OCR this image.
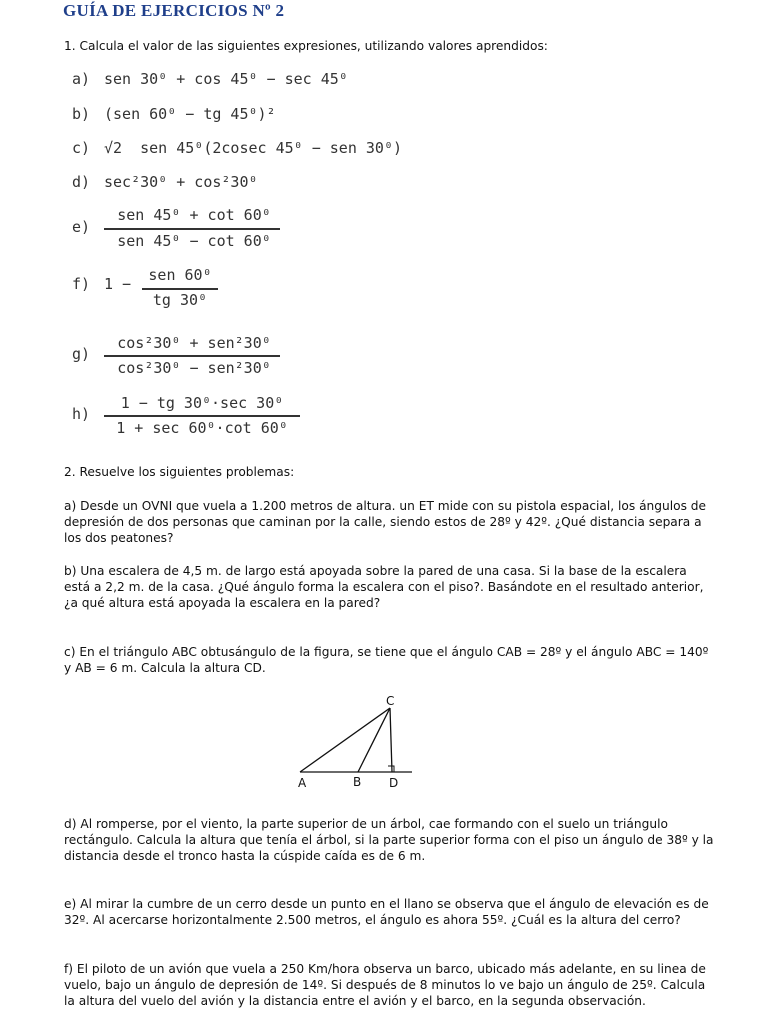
GUÍA DE EJERCICIOS Nº 2
1. Calcula el valor de las siguientes expresiones, utilizando valores aprendidos:
a) sen 30⁰ + cos 45⁰ − sec 45⁰
b) (sen 60⁰ − tg 45⁰)²
c) √2  sen 45⁰(2cosec 45⁰ − sen 30⁰)
d) sec²30⁰ + cos²30⁰
e)
sen 45⁰ + cot 60⁰
sen 45⁰ − cot 60⁰
f) 1 −	sen 60⁰
tg 30⁰
g)
cos²30⁰ + sen²30⁰
cos²30⁰ − sen²30⁰
h)
1 − tg 30⁰·sec 30⁰
1 + sec 60⁰·cot 60⁰
2. Resuelve los siguientes problemas:
a) Desde un OVNI que vuela a 1.200 metros de altura. un ET mide con su pistola espacial, los ángulos de depresión de dos personas que caminan por la calle, siendo estos de 28º y 42º. ¿Qué distancia separa a los dos peatones?
b) Una escalera de 4,5 m. de largo está apoyada sobre la pared de una casa. Si la base de la escalera está a 2,2 m. de la casa. ¿Qué ángulo forma la escalera con el piso?. Basándote en el resultado anterior, ¿a qué altura está apoyada la escalera en la pared?
c) En el triángulo ABC obtusángulo de la figura, se tiene que el ángulo CAB = 28º y el ángulo ABC = 140º y AB = 6 m. Calcula la altura CD.
A	B
C
D
d) Al romperse, por el viento, la parte superior de un árbol, cae formando con el suelo un triángulo rectángulo. Calcula la altura que tenía el árbol, si la parte superior forma con el piso un ángulo de 38º y la distancia desde el tronco hasta la cúspide caída es de 6 m.
e) Al mirar la cumbre de un cerro desde un punto en el llano se observa que el ángulo de elevación es de 32º. Al acercarse horizontalmente 2.500 metros, el ángulo es ahora 55º. ¿Cuál es la altura del cerro?
f) El piloto de un avión que vuela a 250 Km/hora observa un barco, ubicado más adelante, en su linea de vuelo, bajo un ángulo de depresión de 14º. Si después de 8 minutos lo ve bajo un ángulo de 25º. Calcula la altura del vuelo del avión y la distancia entre el avión y el barco, en la segunda observación.
